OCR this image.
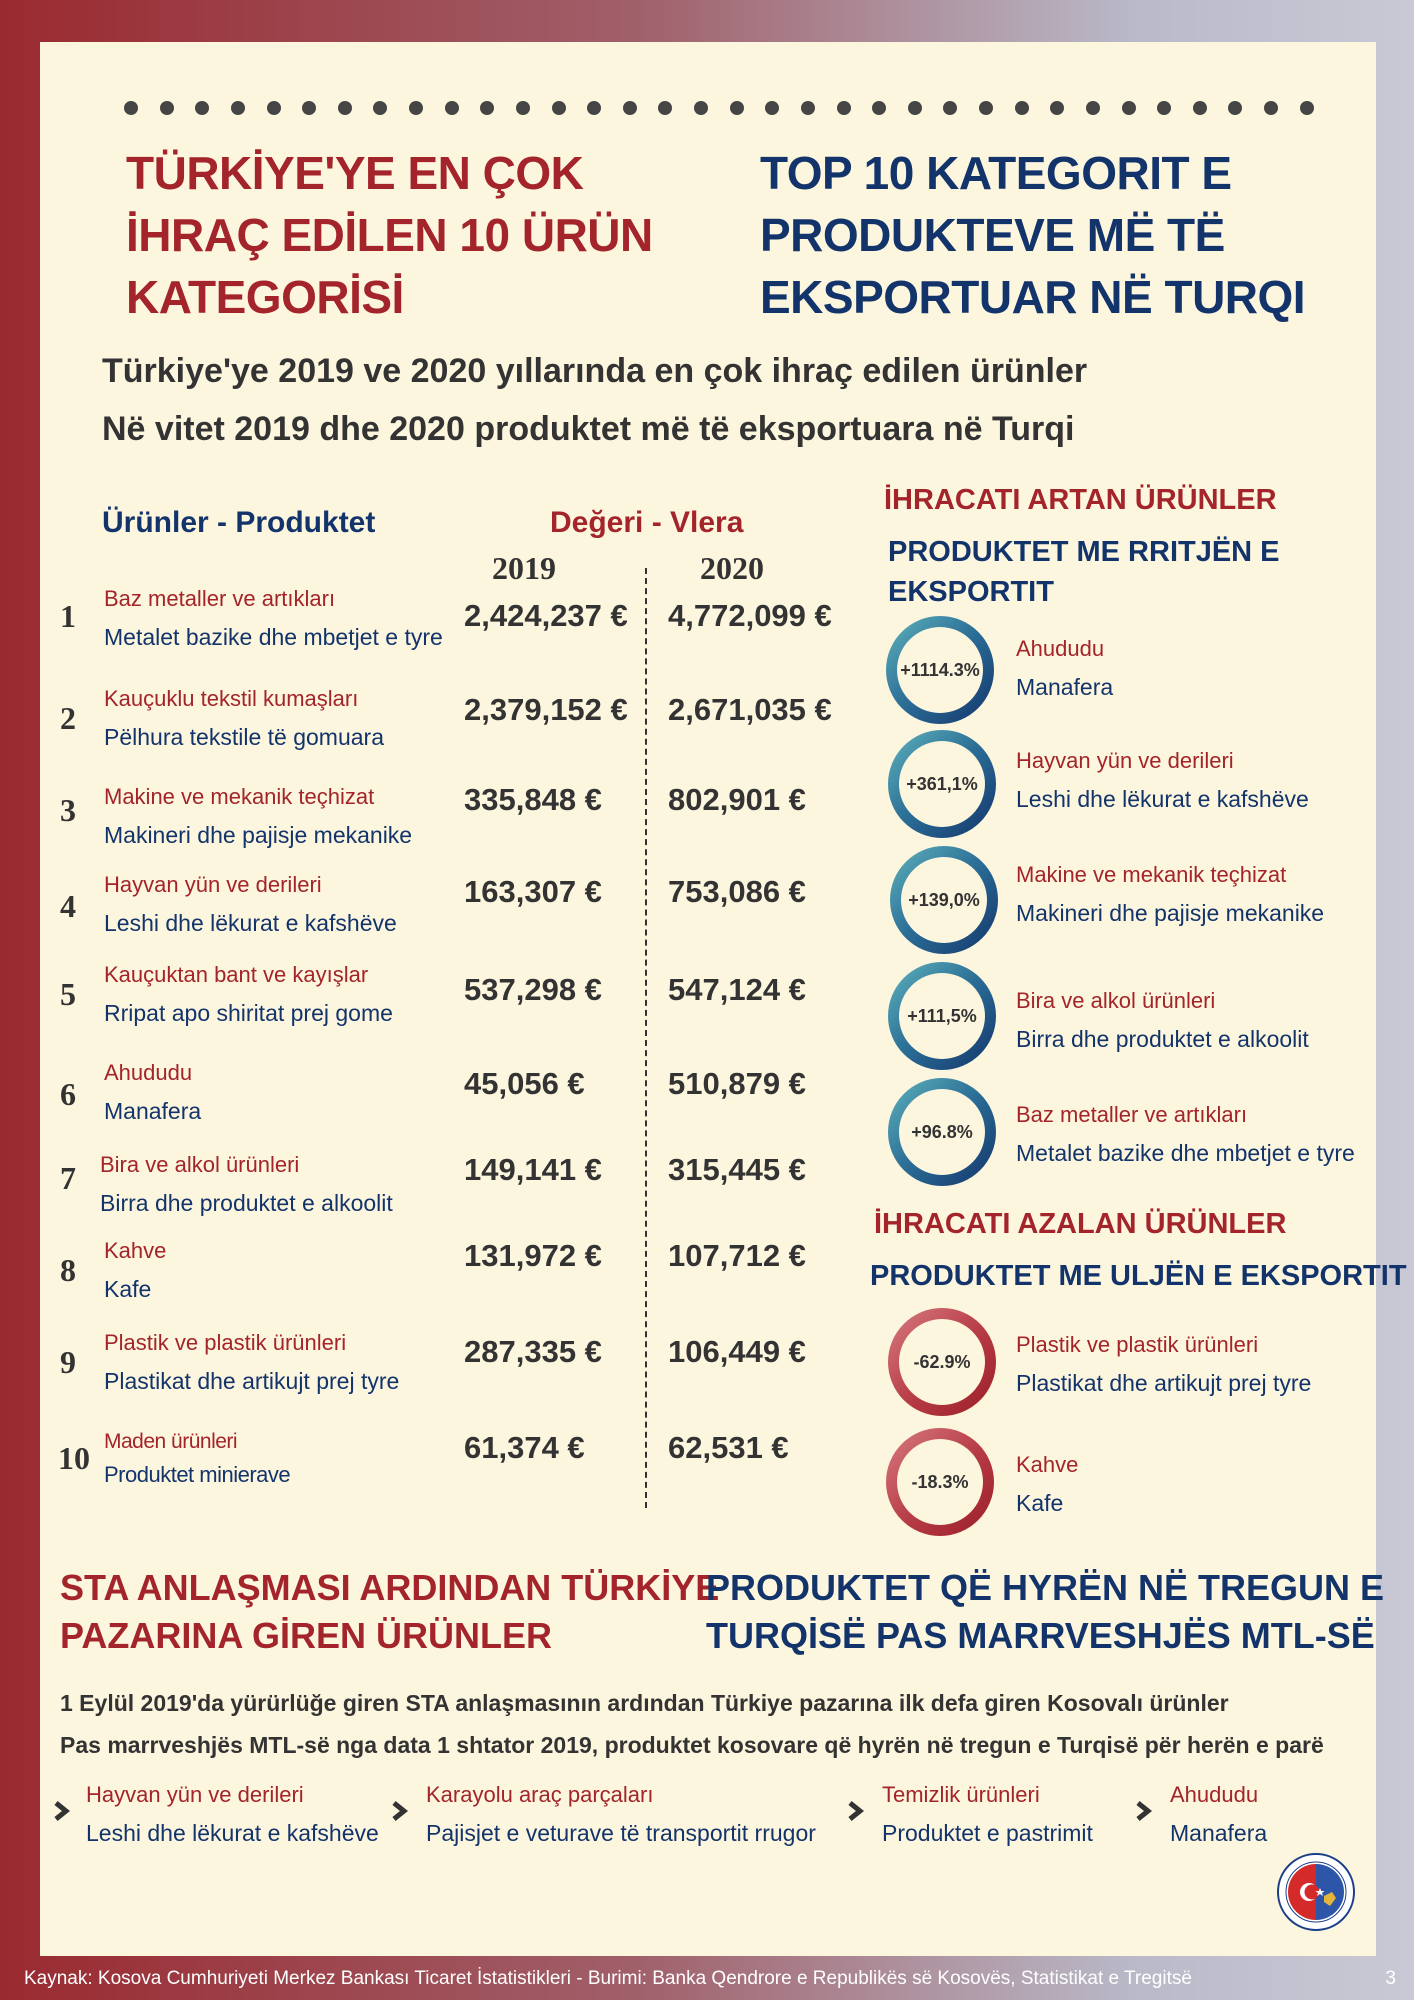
TÜRKİYE'YE EN ÇOK
İHRAÇ EDİLEN 10 ÜRÜN
KATEGORİSİ
TOP 10 KATEGORIT E
PRODUKTEVE MË TË
EKSPORTUAR NË TURQI
Türkiye'ye 2019 ve 2020 yıllarında en çok ihraç edilen ürünler
Në vitet 2019 dhe 2020 produktet më të eksportuara në Turqi
Ürünler - Produktet	Değeri - Vlera
2019	2020
1	Baz metaller ve artıkları
Metalet bazike dhe mbetjet e tyre
2,424,237 € 4,772,099 €
2
Kauçuklu tekstil kumaşları
Pëlhura tekstile të gomuara
2,379,152 € 2,671,035 €
3	Makine ve mekanik teçhizat
Makineri dhe pajisje mekanike
335,848 € 802,901 €
4
Hayvan yün ve derileri
Leshi dhe lëkurat e kafshëve
163,307 € 753,086 €
5
Kauçuktan bant ve kayışlar
Rripat apo shiritat prej gome
537,298 € 547,124 €
6
Ahududu
Manafera
45,056 €	510,879 €
7	Bira ve alkol ürünleri
Birra dhe produktet e alkoolit
149,141 € 315,445 €
8
Kahve
Kafe
131,972 € 107,712 €
9
Plastik ve plastik ürünleri
Plastikat dhe artikujt prej tyre
287,335 € 106,449 €
10 Maden ürünleri
Produktet minierave
61,374 €	62,531 €
İHRACATI ARTAN ÜRÜNLER
PRODUKTET ME RRITJËN E
EKSPORTIT
+1114.3%
Ahududu
Manafera
+361,1%
Hayvan yün ve derileri
Leshi dhe lëkurat e kafshëve
+139,0%
Makine ve mekanik teçhizat
Makineri dhe pajisje mekanike
+111,5%
Bira ve alkol ürünleri
Birra dhe produktet e alkoolit
+96.8%
Baz metaller ve artıkları
Metalet bazike dhe mbetjet e tyre
İHRACATI AZALAN ÜRÜNLER
PRODUKTET ME ULJËN E EKSPORTIT
-62.9%
Plastik ve plastik ürünleri
Plastikat dhe artikujt prej tyre
-18.3%
Kahve
Kafe
STA ANLAŞMASI ARDINDAN TÜRKİYE
PAZARINA GİREN ÜRÜNLER
PRODUKTET QË HYRËN NË TREGUN E
TURQİSË PAS MARRVESHJËS MTL-SË
1 Eylül 2019'da yürürlüğe giren STA anlaşmasının ardından Türkiye pazarına ilk defa giren Kosovalı ürünler
Pas marrveshjës MTL-së nga data 1 shtator 2019, produktet kosovare që hyrën në tregun e Turqisë për herën e parë
Hayvan yün ve derileri
Leshi dhe lëkurat e kafshëve
Karayolu araç parçaları
Pajisjet e veturave të transportit rrugor
Temizlik ürünleri
Produktet e pastrimit
Ahududu
Manafera
Kaynak: Kosova Cumhuriyeti Merkez Bankası Ticaret İstatistikleri - Burimi: Banka Qendrore e Republikës së Kosovës, Statistikat e Tregitsë	3
